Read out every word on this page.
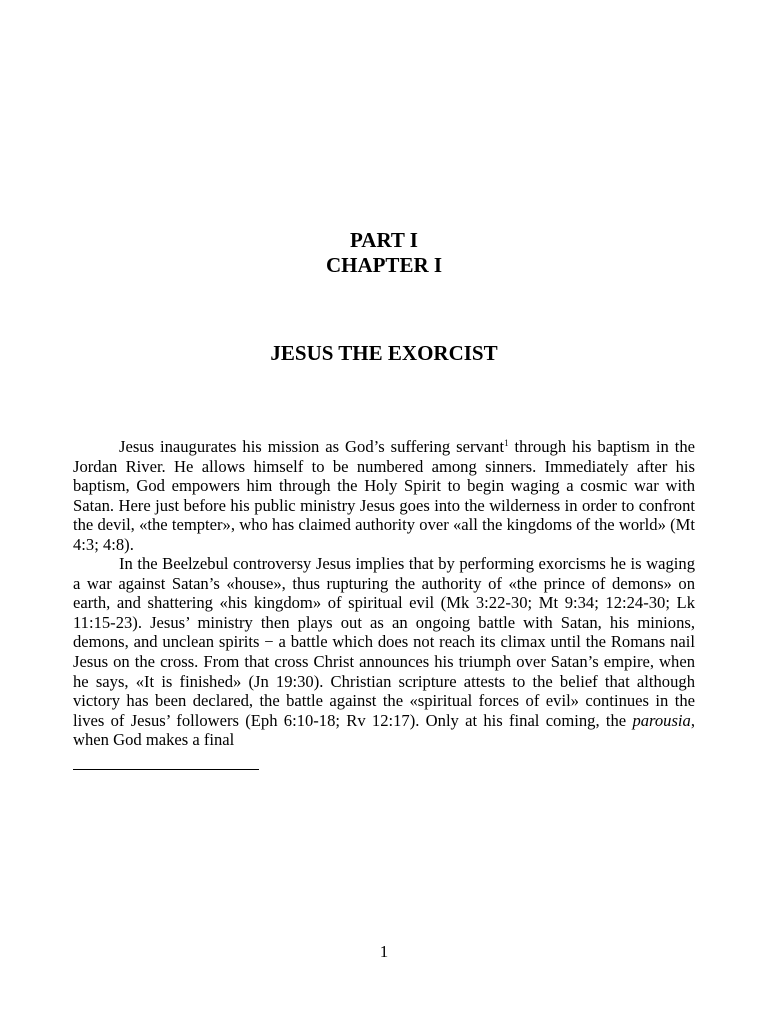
PART I
CHAPTER I
JESUS THE EXORCIST

Jesus inaugurates his mission as God’s suffering servant$^1$ through his baptism in the Jordan River. He allows himself to be numbered among sinners. Immediately after his baptism, God empowers him through the Holy Spirit to begin waging a cosmic war with Satan. Here just before his public ministry Jesus goes into the wilderness in order to confront the devil, «the tempter», who has claimed authority over «all the kingdoms of the world» (Mt 4:3; 4:8).

In the Beelzebul controversy Jesus implies that by performing exorcisms he is waging a war against Satan’s «house», thus rupturing the authority of «the prince of demons» on earth, and shattering «his kingdom» of spiritual evil (Mk 3:22-30; Mt 9:34; 12:24-30; Lk 11:15-23). Jesus’ ministry then plays out as an ongoing battle with Satan, his minions, demons, and unclean spirits − a battle which does not reach its climax until the Romans nail Jesus on the cross. From that cross Christ announces his triumph over Satan’s empire, when he says, «It is finished» (Jn 19:30). Christian scripture attests to the belief that although victory has been declared, the battle against the «spiritual forces of evil» continues in the lives of Jesus’ followers (Eph 6:10-18; Rv 12:17). Only at his final coming, the parousia, when God makes a final

1
